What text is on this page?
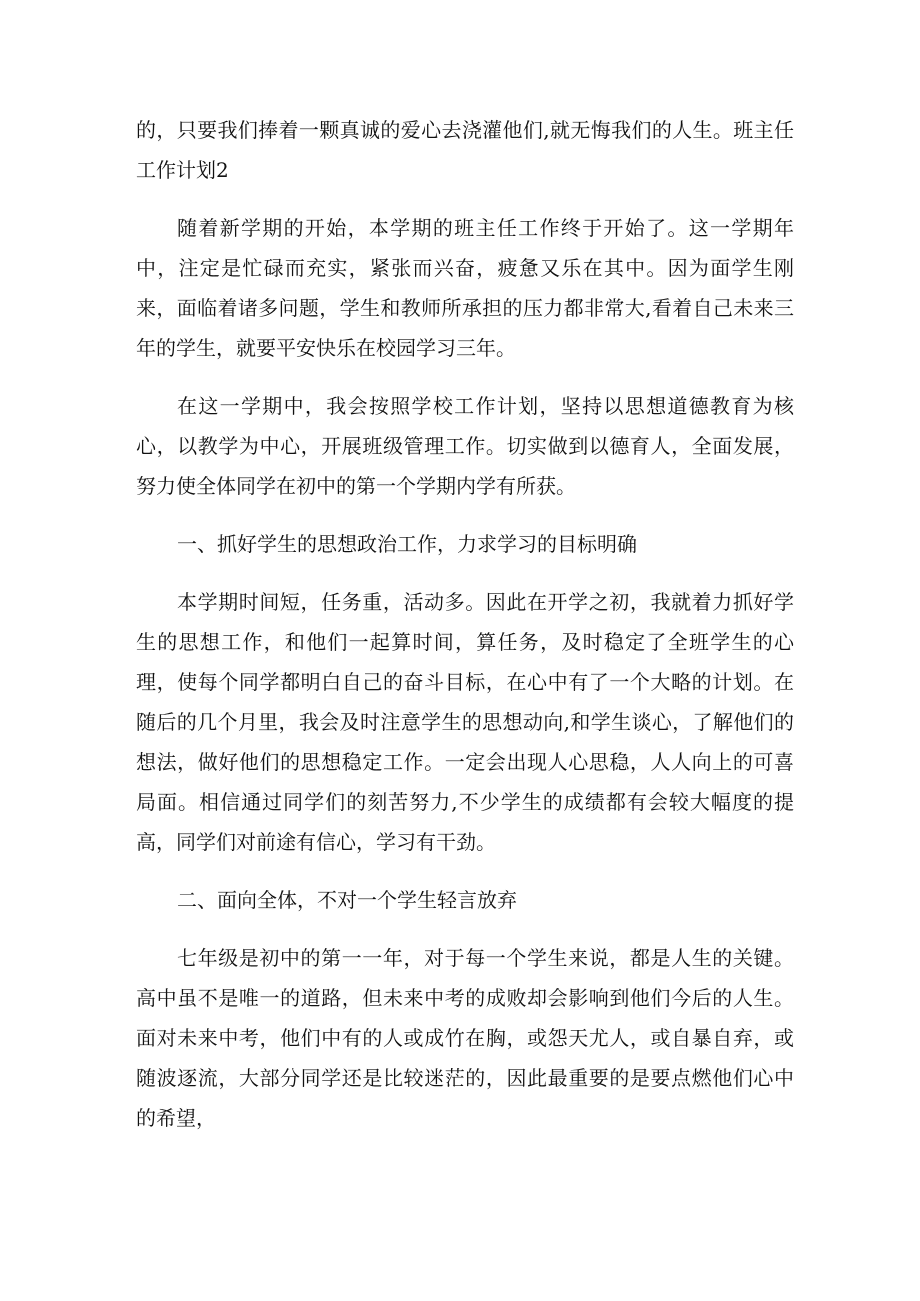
的，只要我们捧着一颗真诚的爱心去浇灌他们,就无悔我们的人生。班主任工作计划2

随着新学期的开始，本学期的班主任工作终于开始了。这一学期年中，注定是忙碌而充实，紧张而兴奋，疲惫又乐在其中。因为面学生刚来，面临着诸多问题，学生和教师所承担的压力都非常大,看着自己未来三年的学生，就要平安快乐在校园学习三年。

在这一学期中，我会按照学校工作计划，坚持以思想道德教育为核心，以教学为中心，开展班级管理工作。切实做到以德育人，全面发展，努力使全体同学在初中的第一个学期内学有所获。

一、抓好学生的思想政治工作，力求学习的目标明确

本学期时间短，任务重，活动多。因此在开学之初，我就着力抓好学生的思想工作，和他们一起算时间，算任务，及时稳定了全班学生的心理，使每个同学都明白自己的奋斗目标，在心中有了一个大略的计划。在随后的几个月里，我会及时注意学生的思想动向,和学生谈心，了解他们的想法，做好他们的思想稳定工作。一定会出现人心思稳，人人向上的可喜局面。相信通过同学们的刻苦努力,不少学生的成绩都有会较大幅度的提高，同学们对前途有信心，学习有干劲。

二、面向全体，不对一个学生轻言放弃

七年级是初中的第一一年，对于每一个学生来说，都是人生的关键。高中虽不是唯一的道路，但未来中考的成败却会影响到他们今后的人生。面对未来中考，他们中有的人或成竹在胸，或怨天尤人，或自暴自弃，或随波逐流，大部分同学还是比较迷茫的，因此最重要的是要点燃他们心中的希望，
